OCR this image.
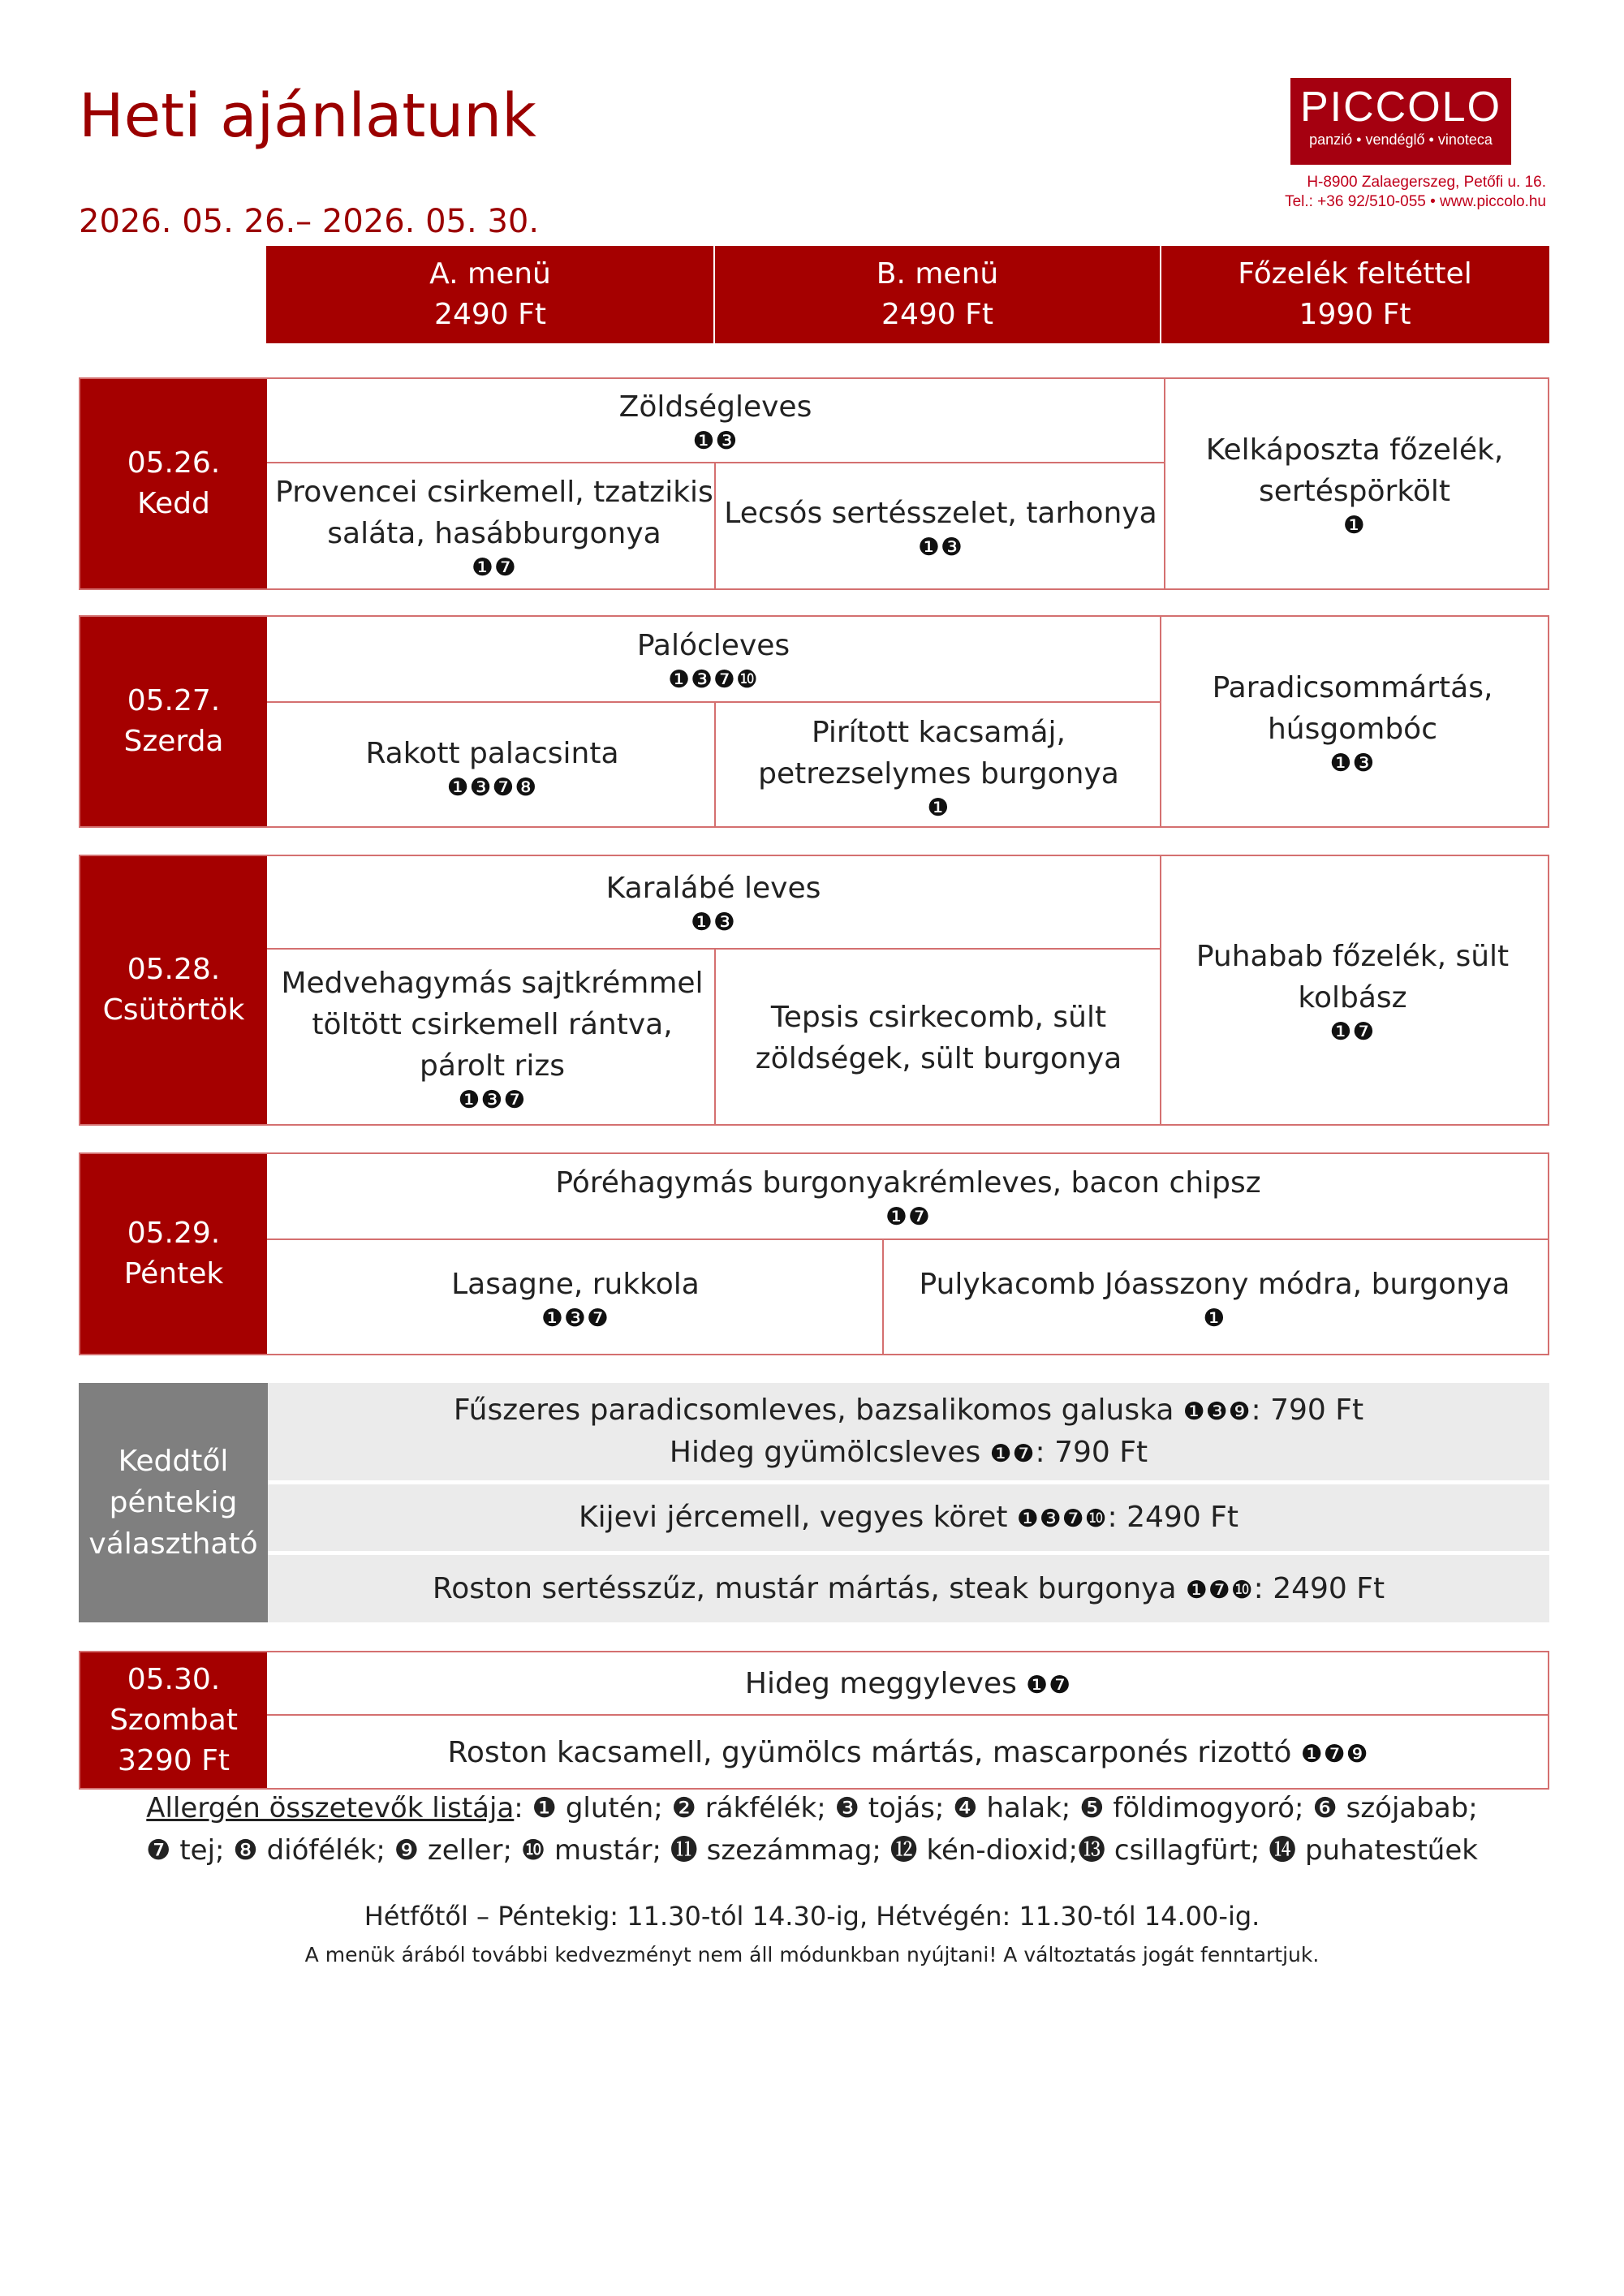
Heti ajánlatunk
2026. 05. 26.– 2026. 05. 30.
PICCOLO
panzió • vendéglő • vinoteca
H-8900 Zalaegerszeg, Petőfi u. 16.
Tel.: +36 92/510-055 • www.piccolo.hu
A. menü
2490 Ft
B. menü
2490 Ft
Főzelék feltéttel
1990 Ft
05.26.
Kedd
Zöldségleves
❶❸
Provencei csirkemell, tzatzikis saláta, hasábburgonya
❶❼
Lecsós sertésszelet, tarhonya
❶❸
Kelkáposzta főzelék, sertéspörkölt
❶
05.27.
Szerda
Palócleves
❶❸❼❿
Rakott palacsinta
❶❸❼❽
Pirított kacsamáj, petrezselymes burgonya
❶
Paradicsommártás, húsgombóc
❶❸
05.28.
Csütörtök
Karalábé leves
❶❸
Medvehagymás sajtkrémmel töltött csirkemell rántva, párolt rizs
❶❸❼
Tepsis csirkecomb, sült zöldségek, sült burgonya
Puhabab főzelék, sült kolbász
❶❼
05.29.
Péntek
Póréhagymás burgonyakrémleves, bacon chipsz
❶❼
Lasagne, rukkola
❶❸❼
Pulykacomb Jóasszony módra, burgonya
❶
Keddtől
péntekig
választható
Fűszeres paradicsomleves, bazsalikomos galuska ❶❸❾: 790 Ft
Hideg gyümölcsleves ❶❼: 790 Ft
Kijevi jércemell, vegyes köret ❶❸❼❿: 2490 Ft
Roston sertésszűz, mustár mártás, steak burgonya ❶❼❿: 2490 Ft
05.30.
Szombat
3290 Ft
Hideg meggyleves ❶❼
Roston kacsamell, gyümölcs mártás, mascarponés rizottó ❶❼❾
Allergén összetevők listája: ❶ glutén; ❷ rákfélék; ❸ tojás; ❹ halak; ❺ földimogyoró; ❻ szójabab;
❼ tej; ❽ diófélék; ❾ zeller; ❿ mustár; ⓫ szezámmag; ⓬ kén-dioxid;⓭ csillagfürt; ⓮ puhatestűek
Hétfőtől – Péntekig: 11.30-tól 14.30-ig, Hétvégén: 11.30-tól 14.00-ig.
A menük árából további kedvezményt nem áll módunkban nyújtani! A változtatás jogát fenntartjuk.
